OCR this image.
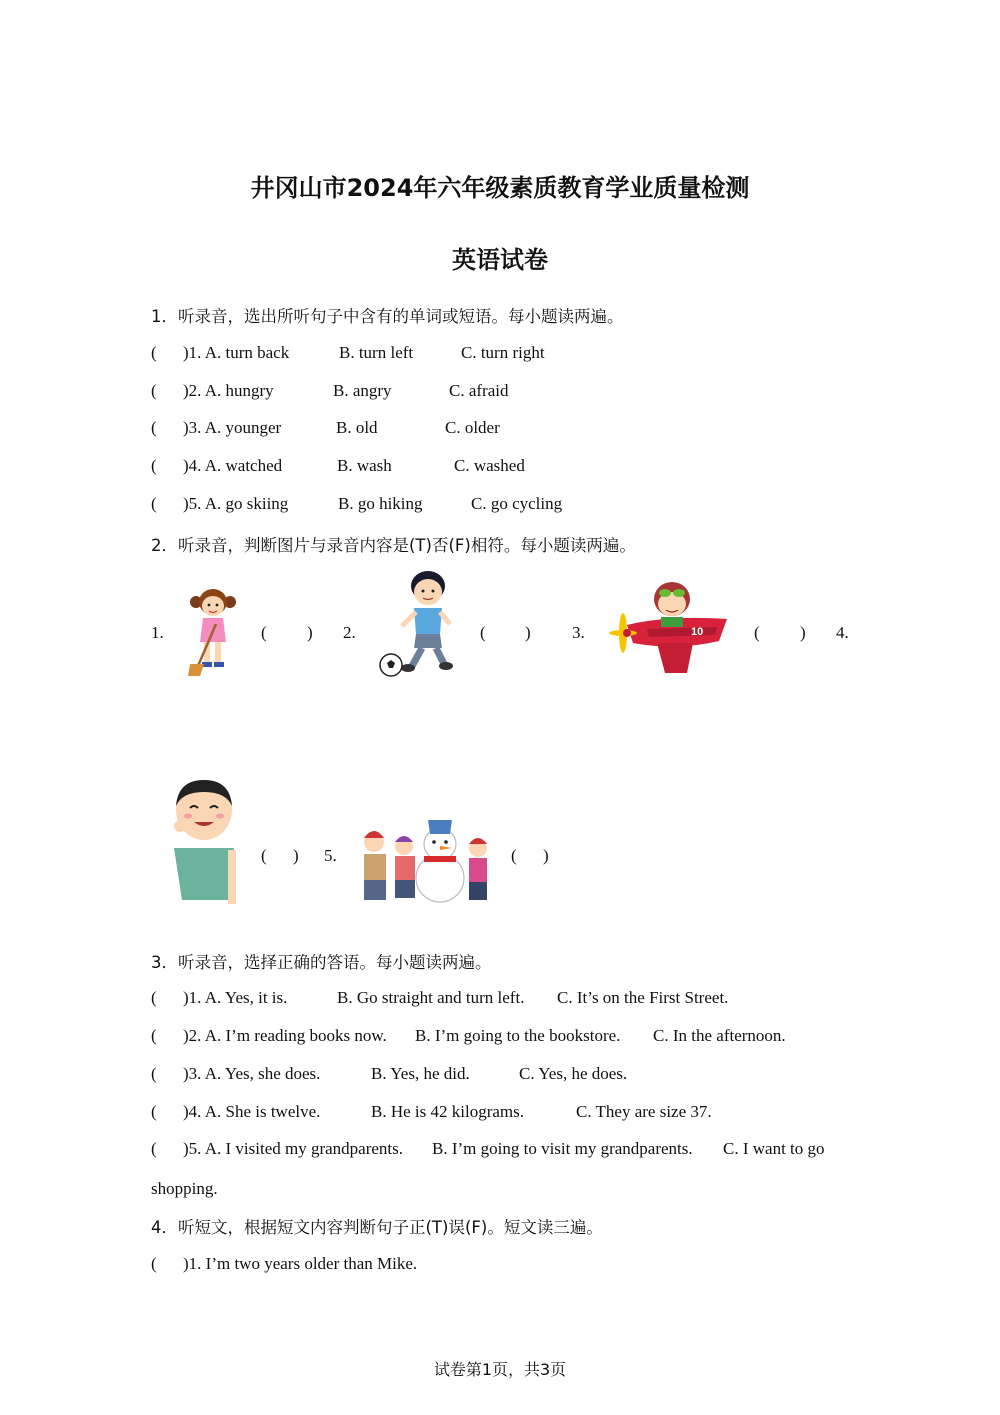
井冈山市2024年六年级素质教育学业质量检测
英语试卷
1．听录音，选出所听句子中含有的单词或短语。每小题读两遍。
( )1. A. turn back	B. turn left	C. turn right
( )2. A. hungry	B. angry	C. afraid
( )3. A. younger	B. old	C. older
( )4. A. watched	B. wash	C. washed
( )5. A. go skiing	B. go hiking	C. go cycling
2．听录音，判断图片与录音内容是(T)否(F)相符。每小题读两遍。
1.	( ) 2.	( ) 3.	( ) 4.
( ) 5.	( )
10
3．听录音，选择正确的答语。每小题读两遍。
( )1. A. Yes, it is.	B. Go straight and turn left. C. It’s on the First Street.
( )2. A. I’m reading books now. B. I’m going to the bookstore. C. In the afternoon.
( )3. A. Yes, she does.	B. Yes, he did.	C. Yes, he does.
( )4. A. She is twelve.	B. He is 42 kilograms.	C. They are size 37.
( )5. A. I visited my grandparents. B. I’m going to visit my grandparents. C. I want to go
shopping.
4．听短文，根据短文内容判断句子正(T)误(F)。短文读三遍。
( )1. I’m two years older than Mike.
试卷第1页，共3页
